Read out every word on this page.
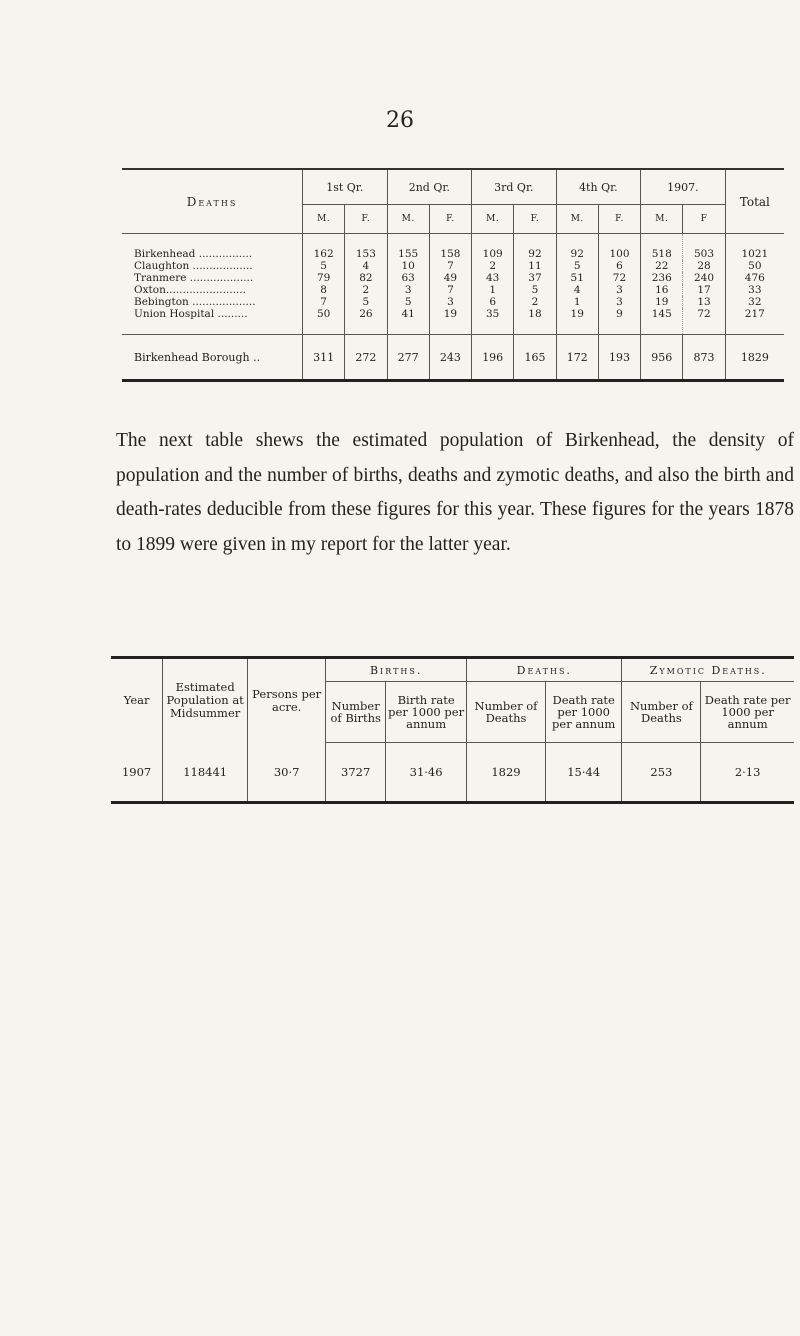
26
Deaths	1st Qr.		2nd Qr.		3rd Qr.		4th Qr.		1907.		Total
	M.	F.	M.	F.	M.	F.	M.	F.	M.	F	
Birkenhead ................	162	153	155	158	109	92	92	100	518	503	1021
Claughton ..................	5	4	10	7	2	11	5	6	22	28	50
Tranmere ...................	79	82	63	49	43	37	51	72	236	240	476
Oxton........................	8	2	3	7	1	5	4	3	16	17	33
Bebington ...................	7	5	5	3	6	2	1	3	19	13	32
Union Hospital .........	50	26	41	19	35	18	19	9	145	72	217
Birkenhead Borough ..	311	272	277	243	196	165	172	193	956	873	1829
The next table shews the estimated population of Birkenhead, the density of population and the number of births, deaths and zymotic deaths, and also the birth and death-rates deducible from these figures for this year. These figures for the years 1878 to 1899 were given in my report for the latter year.
Year	Estimated Population at Midsummer	Persons per acre.	Births.		Deaths.		Zymotic Deaths.	
			Number of Births	Birth rate per 1000 per annum	Number of Deaths	Death rate per 1000 per annum	Number of Deaths	Death rate per 1000 per annum
1907	118441	30·7	3727	31·46	1829	15·44	253	2·13
